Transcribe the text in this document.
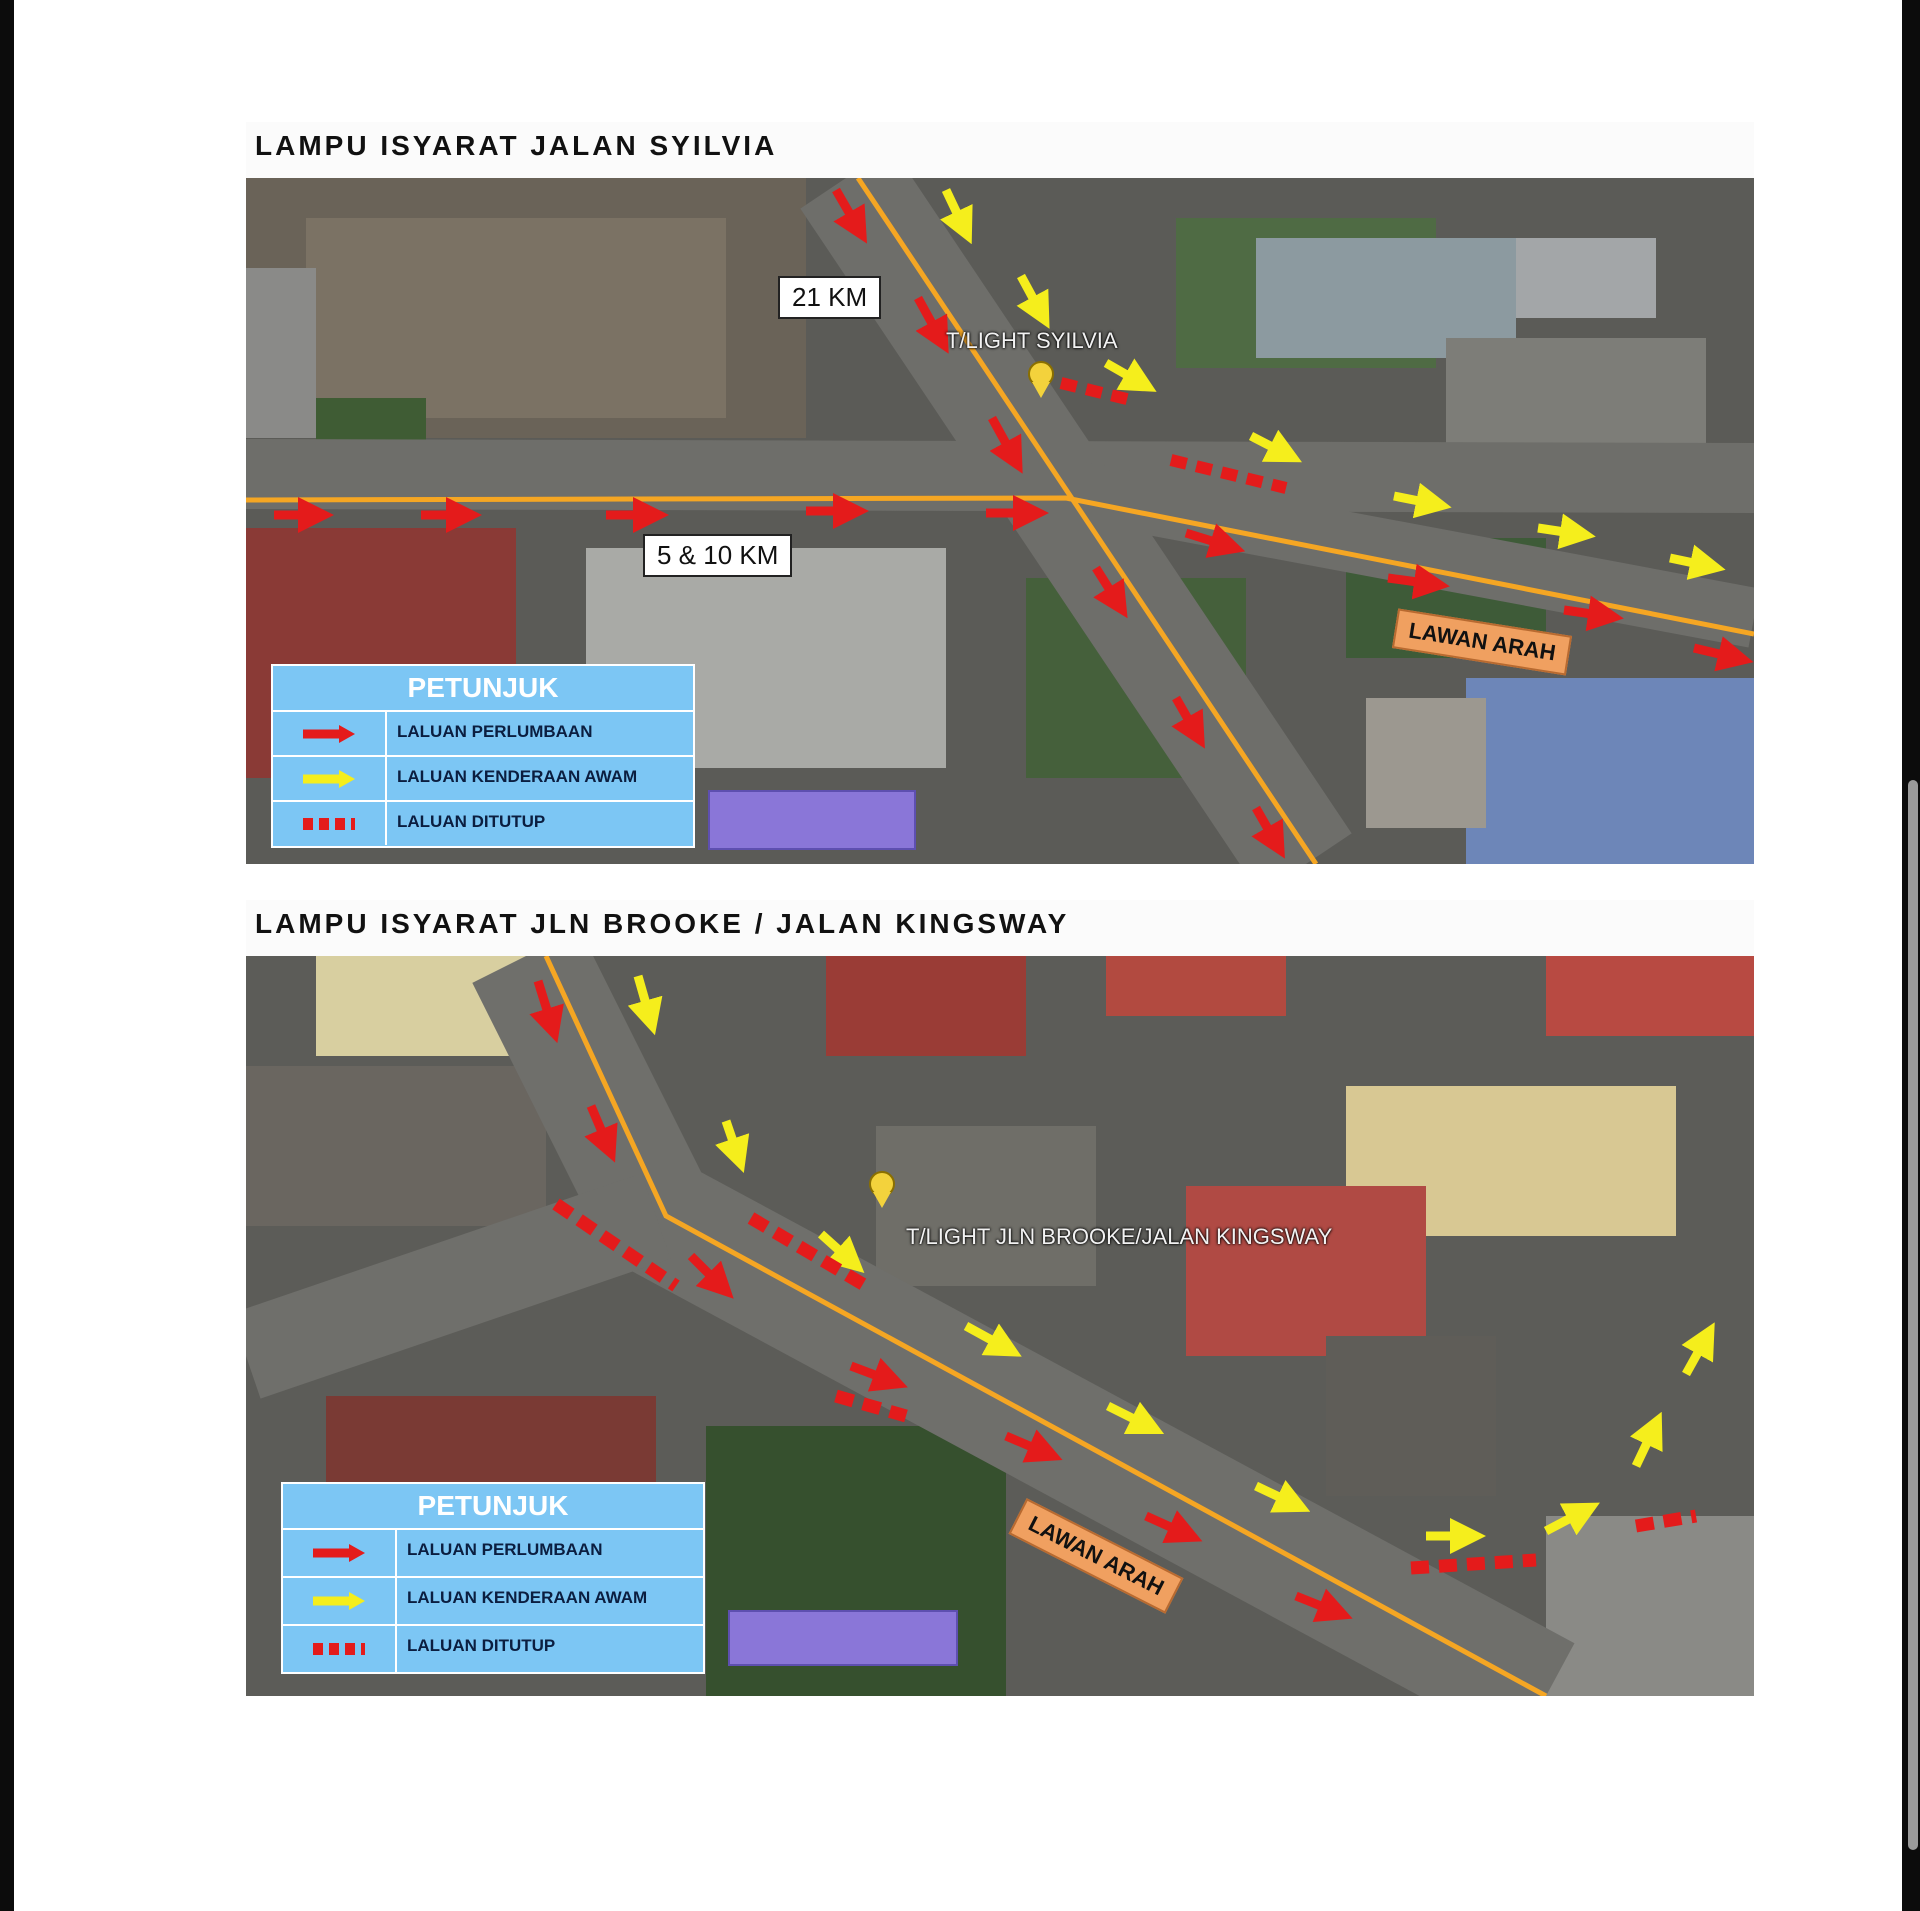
LAMPU ISYARAT JALAN SYILVIA
21 KM
5 & 10 KM
T/LIGHT SYILVIA
LAWAN ARAH
PETUNJUK
LALUAN PERLUMBAAN
LALUAN KENDERAAN AWAM
LALUAN DITUTUP
LAMPU ISYARAT JLN BROOKE / JALAN KINGSWAY
T/LIGHT JLN BROOKE/JALAN KINGSWAY
LAWAN ARAH
PETUNJUK
LALUAN PERLUMBAAN
LALUAN KENDERAAN AWAM
LALUAN DITUTUP
